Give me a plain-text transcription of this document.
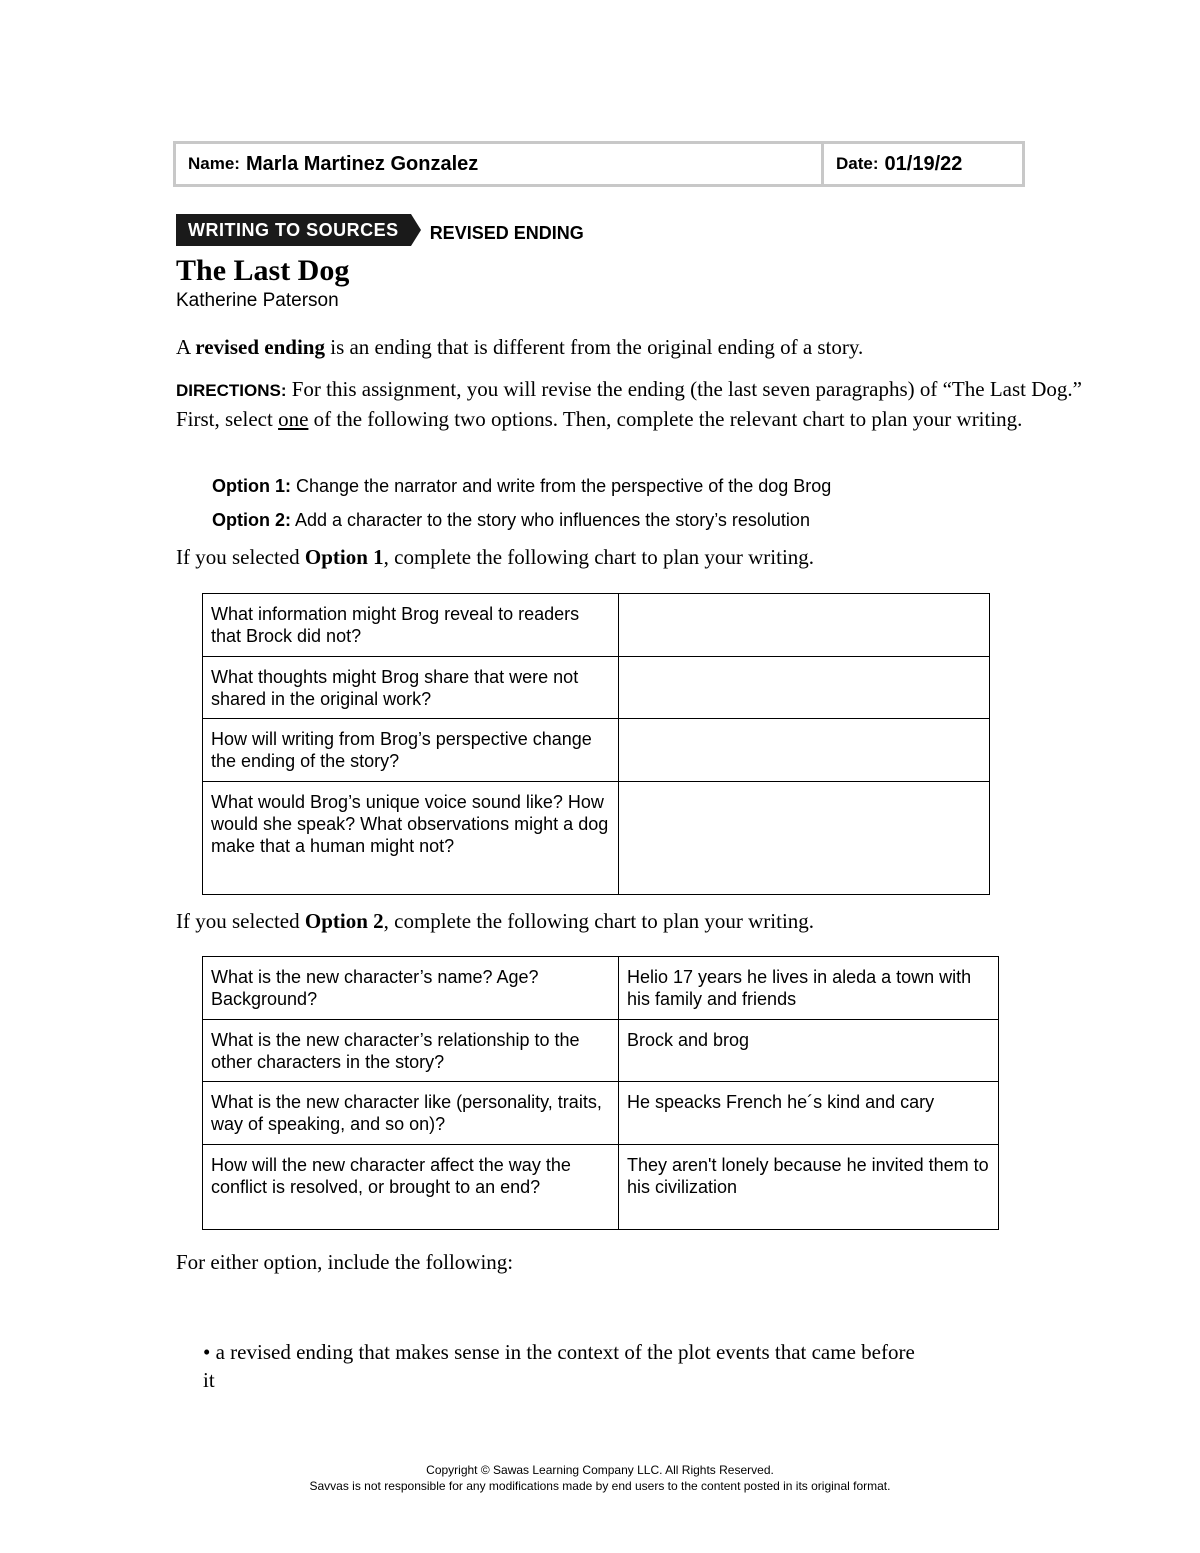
Name: Marla Martinez Gonzalez	Date: 01/19/22
WRITING TO SOURCES	REVISED ENDING
The Last Dog
Katherine Paterson
A revised ending is an ending that is different from the original ending of a story.
DIRECTIONS: For this assignment, you will revise the ending (the last seven paragraphs) of “The Last Dog.” First, select one of the following two options. Then, complete the relevant chart to plan your writing.
Option 1: Change the narrator and write from the perspective of the dog Brog
Option 2: Add a character to the story who influences the story’s resolution
If you selected Option 1, complete the following chart to plan your writing.
What information might Brog reveal to readers that Brock did not?	
What thoughts might Brog share that were not shared in the original work?	
How will writing from Brog’s perspective change the ending of the story?	
What would Brog’s unique voice sound like? How would she speak? What observations might a dog make that a human might not?	
If you selected Option 2, complete the following chart to plan your writing.
What is the new character’s name? Age? Background?	Helio 17 years he lives in aleda a town with his family and friends
What is the new character’s relationship to the other characters in the story?	Brock and brog
What is the new character like (personality, traits, way of speaking, and so on)?	He speacks French he´s kind and cary
How will the new character affect the way the conflict is resolved, or brought to an end?	They aren't lonely because he invited them to his civilization
For either option, include the following:
• a revised ending that makes sense in the context of the plot events that came before it
Copyright © Sawas Learning Company LLC. All Rights Reserved.
Savvas is not responsible for any modifications made by end users to the content posted in its original format.
